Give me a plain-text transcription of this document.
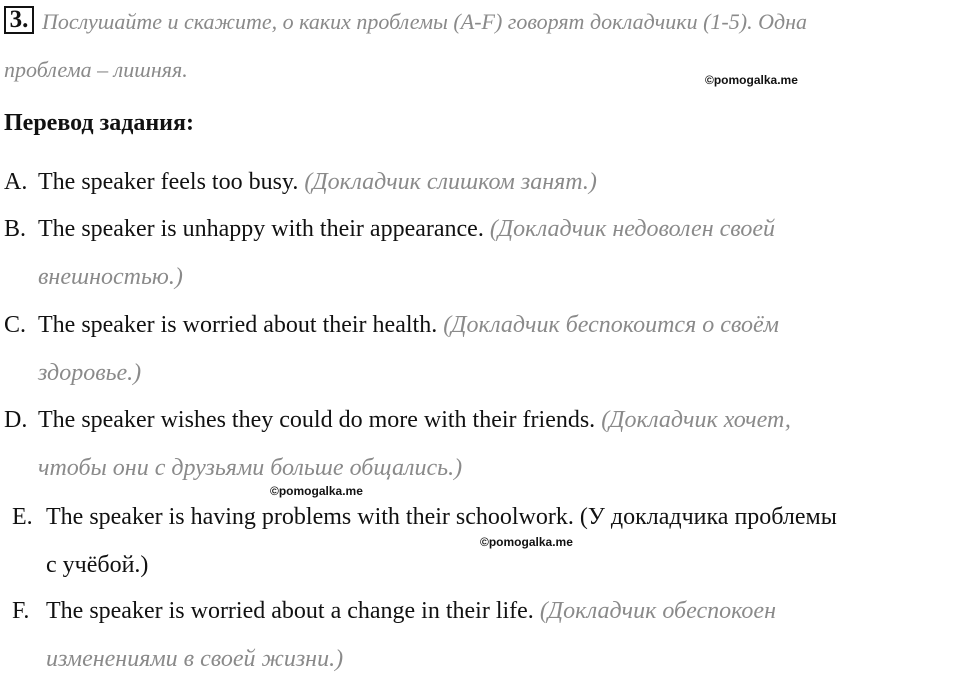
3. Послушайте и скажите, о каких проблемы (A-F) говорят докладчики (1-5). Одна
проблема – лишняя.	©pomogalka.me
Перевод задания:
A. The speaker feels too busy. (Докладчик слишком занят.)
B. The speaker is unhappy with their appearance. (Докладчик недоволен своей
внешностью.)
C. The speaker is worried about their health. (Докладчик беспокоится о своём
здоровье.)
D. The speaker wishes they could do more with their friends. (Докладчик хочет,
чтобы они с друзьями больше общались.)
©pomogalka.me
E. The speaker is having problems with their schoolwork. (У докладчика проблемы
©pomogalka.me
с учёбой.)
F. The speaker is worried about a change in their life. (Докладчик обеспокоен
изменениями в своей жизни.)
